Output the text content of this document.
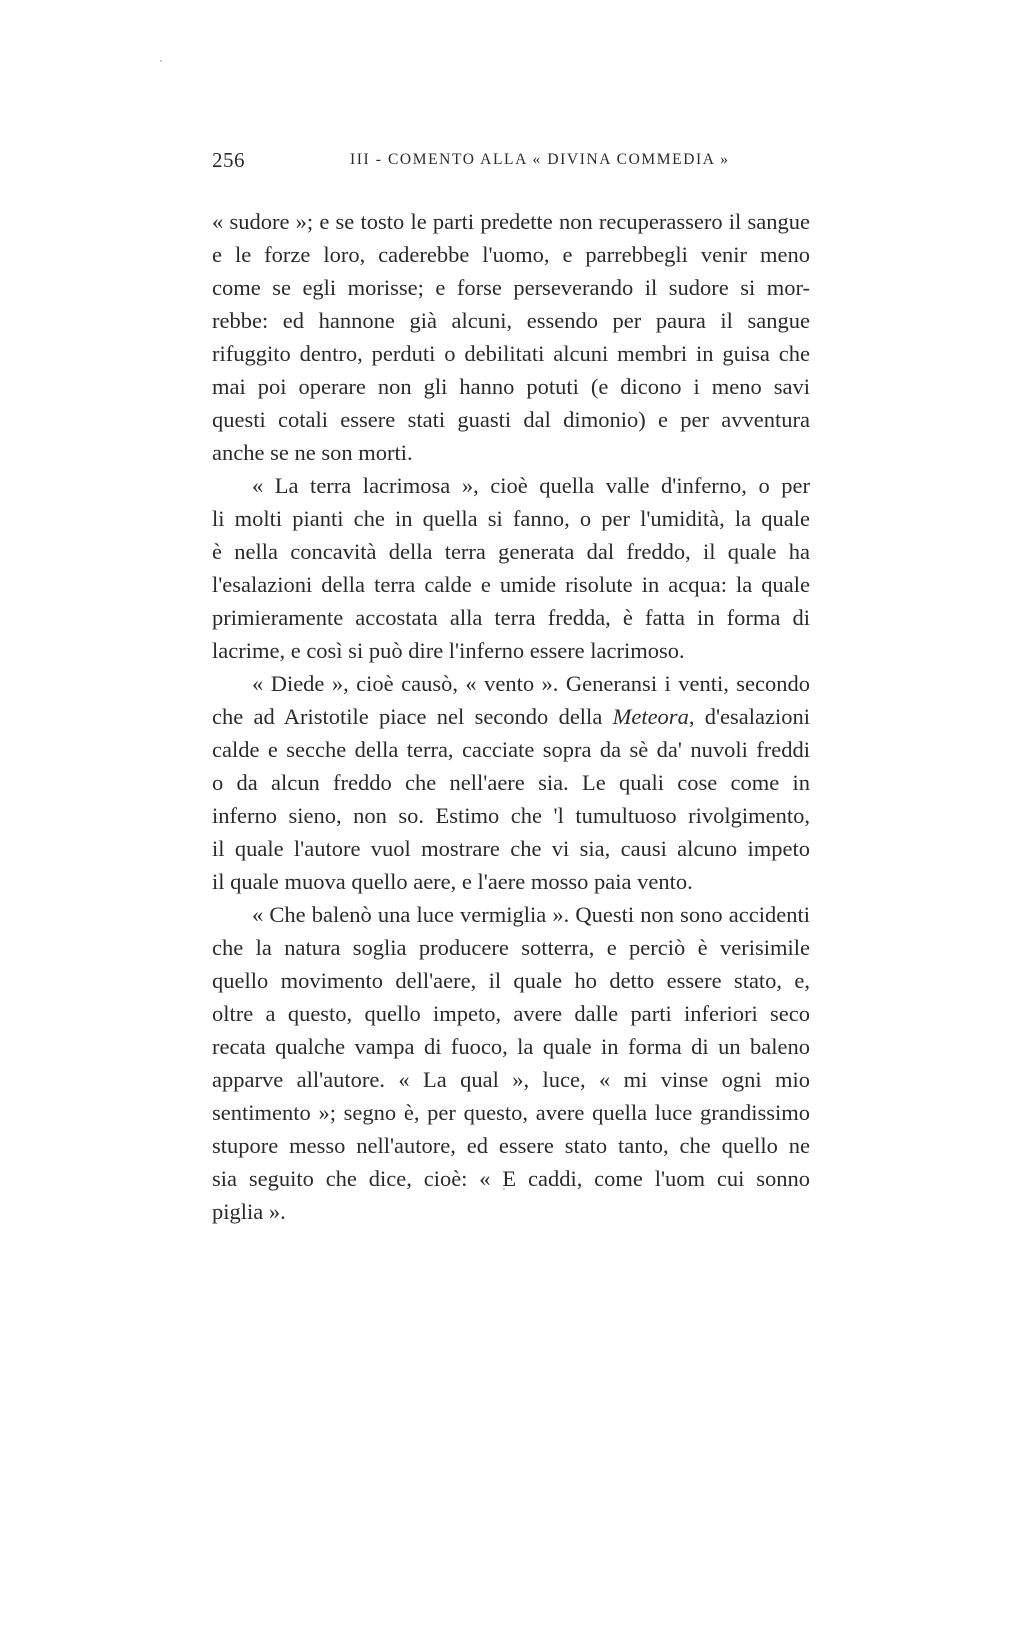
256	III - COMENTO ALLA « DIVINA COMMEDIA »
« sudore »; e se tosto le parti predette non recuperassero il sangue
e le forze loro, caderebbe l'uomo, e parrebbegli venir meno
come se egli morisse; e forse perseverando il sudore si mor-
rebbe: ed hannone già alcuni, essendo per paura il sangue
rifuggito dentro, perduti o debilitati alcuni membri in guisa che
mai poi operare non gli hanno potuti (e dicono i meno savi
questi cotali essere stati guasti dal dimonio) e per avventura
anche se ne son morti.
« La terra lacrimosa », cioè quella valle d'inferno, o per
li molti pianti che in quella si fanno, o per l'umidità, la quale
è nella concavità della terra generata dal freddo, il quale ha
l'esalazioni della terra calde e umide risolute in acqua: la quale
primieramente accostata alla terra fredda, è fatta in forma di
lacrime, e così si può dire l'inferno essere lacrimoso.
« Diede », cioè causò, « vento ». Generansi i venti, secondo
che ad Aristotile piace nel secondo della Meteora, d'esalazioni
calde e secche della terra, cacciate sopra da sè da' nuvoli freddi
o da alcun freddo che nell'aere sia. Le quali cose come in
inferno sieno, non so. Estimo che 'l tumultuoso rivolgimento,
il quale l'autore vuol mostrare che vi sia, causi alcuno impeto
il quale muova quello aere, e l'aere mosso paia vento.
« Che balenò una luce vermiglia ». Questi non sono accidenti
che la natura soglia producere sotterra, e perciò è verisimile
quello movimento dell'aere, il quale ho detto essere stato, e,
oltre a questo, quello impeto, avere dalle parti inferiori seco
recata qualche vampa di fuoco, la quale in forma di un baleno
apparve all'autore. « La qual », luce, « mi vinse ogni mio
sentimento »; segno è, per questo, avere quella luce grandissimo
stupore messo nell'autore, ed essere stato tanto, che quello ne
sia seguito che dice, cioè: « E caddi, come l'uom cui sonno
piglia ».
